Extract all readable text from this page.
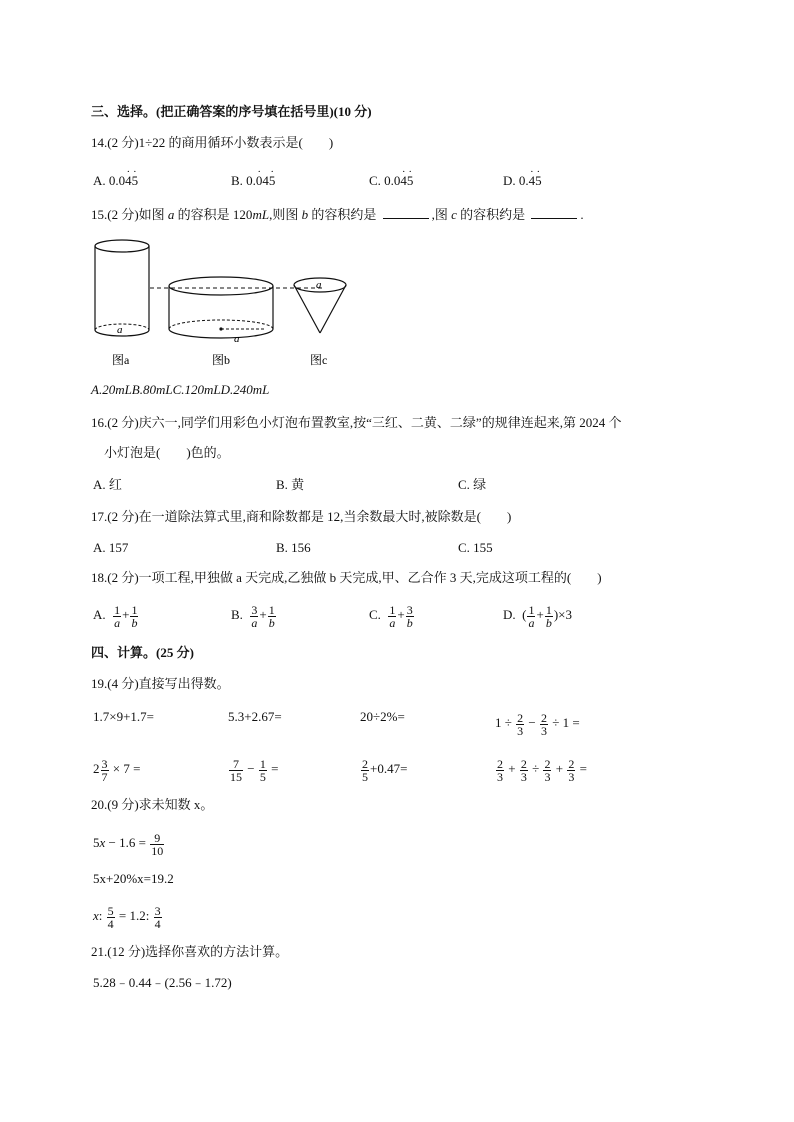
三、选择。(把正确答案的序号填在括号里)(10 分)
14.(2 分)1÷22 的商用循环小数表示是(　　)
A. 0.0· 4· 5	B. 0.· 04· 5	C. 0.0· 4· 5	D. 0.· 4· 5
15.(2 分)如图 a 的容积是 120mL,则图 b 的容积约是	,图 c 的容积约是	.
a
a
a
图a	图b	图c
A.20mLB.80mLC.120mLD.240mL
16.(2 分)庆六一,同学们用彩色小灯泡布置教室,按“三红、二黄、二绿”的规律连起来,第 2024 个
小灯泡是(　　)色的。
A. 红	B. 黄	C. 绿
17.(2 分)在一道除法算式里,商和除数都是 12,当余数最大时,被除数是(　　)
A. 157	B. 156	C. 155
18.(2 分)一项工程,甲独做 a 天完成,乙独做 b 天完成,甲、乙合作 3 天,完成这项工程的(　　)
A. $\frac{1}{a} + \frac{1}{b}$	B. $\frac{3}{a} + \frac{1}{b}$	C. $\frac{1}{a} + \frac{3}{b}$	D.  ( $\frac{1}{a} + \frac{1}{b} )\times 3$
四、计算。(25 分)
19.(4 分)直接写出得数。
1.7×9+1.7=	5.3+2.67=	20÷2%=	$1 \div \frac{2}{3} - \frac{2}{3} \div 1$ =
$2 \frac{3}{7} \times 7$ =	$\frac{7}{15} - \frac{1}{5}$ =	$\frac{2}{5} +0.47=$	$\frac{2}{3} + \frac{2}{3} \div \frac{2}{3} + \frac{2}{3}$ =
20.(9 分)求未知数 x。
$5x - 1.6 = \frac{9}{10}$
5x+20%x=19.2
x: $\frac{5}{4} = 1.2$: $\frac{3}{4}$
21.(12 分)选择你喜欢的方法计算。
5.28﹣0.44﹣(2.56﹣1.72)
